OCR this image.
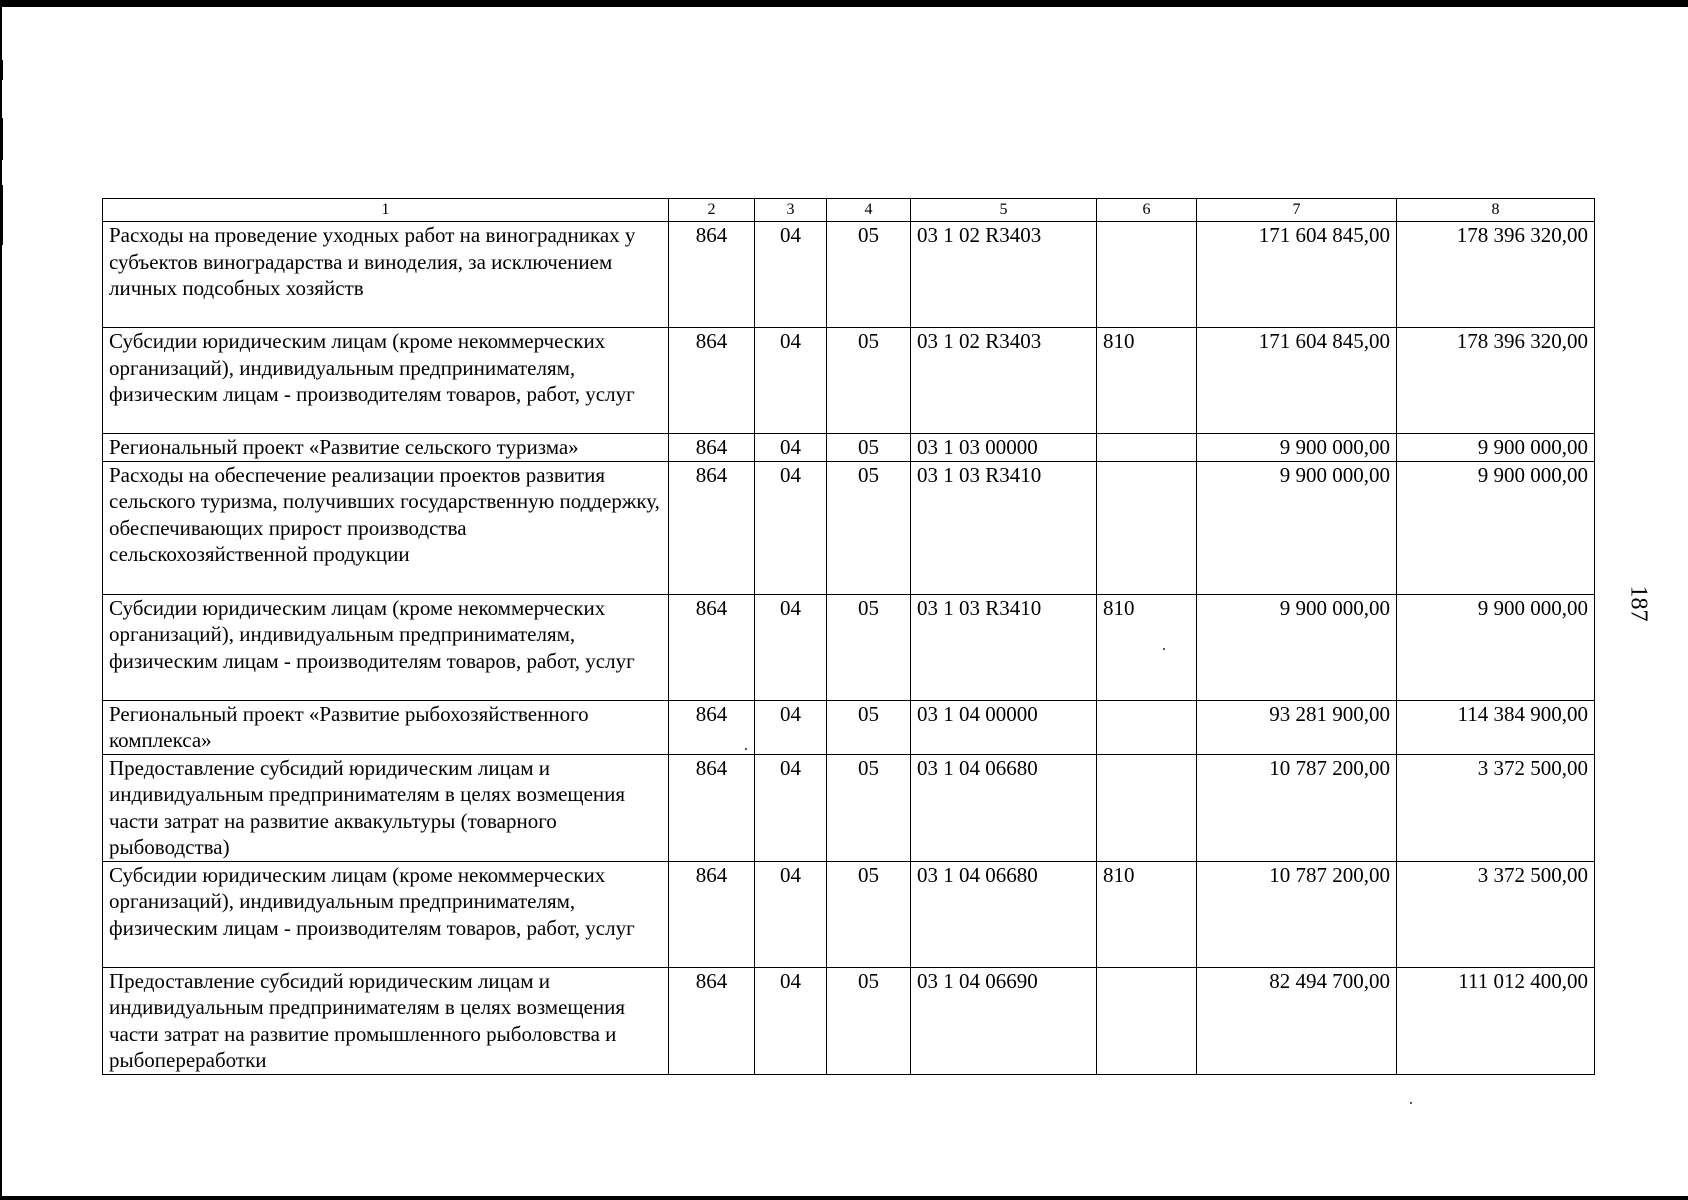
187
1	2	3	4	5	6	7	8
Расходы на проведение уходных работ на виноградниках у субъектов виноградарства и виноделия, за исключением личных подсобных хозяйств	864	04	05	03 1 02 R3403		171 604 845,00	178 396 320,00
Субсидии юридическим лицам (кроме некоммерческих организаций), индивидуальным предпринимателям, физическим лицам - производителям товаров, работ, услуг	864	04	05	03 1 02 R3403	810	171 604 845,00	178 396 320,00
Региональный проект «Развитие сельского туризма»	864	04	05	03 1 03 00000		9 900 000,00	9 900 000,00
Расходы на обеспечение реализации проектов развития сельского туризма, получивших государственную поддержку, обеспечивающих прирост производства сельскохозяйственной продукции	864	04	05	03 1 03 R3410		9 900 000,00	9 900 000,00
Субсидии юридическим лицам (кроме некоммерческих организаций), индивидуальным предпринимателям, физическим лицам - производителям товаров, работ, услуг	864	04	05	03 1 03 R3410	810	9 900 000,00	9 900 000,00
Региональный проект «Развитие рыбохозяйственного комплекса»	864	04	05	03 1 04 00000		93 281 900,00	114 384 900,00
Предоставление субсидий юридическим лицам и индивидуальным предпринимателям в целях возмещения части затрат на развитие аквакультуры (товарного рыбоводства)	864	04	05	03 1 04 06680		10 787 200,00	3 372 500,00
Субсидии юридическим лицам (кроме некоммерческих организаций), индивидуальным предпринимателям, физическим лицам - производителям товаров, работ, услуг	864	04	05	03 1 04 06680	810	10 787 200,00	3 372 500,00
Предоставление субсидий юридическим лицам и индивидуальным предпринимателям в целях возмещения части затрат на развитие промышленного рыболовства и рыбопереработки	864	04	05	03 1 04 06690		82 494 700,00	111 012 400,00
